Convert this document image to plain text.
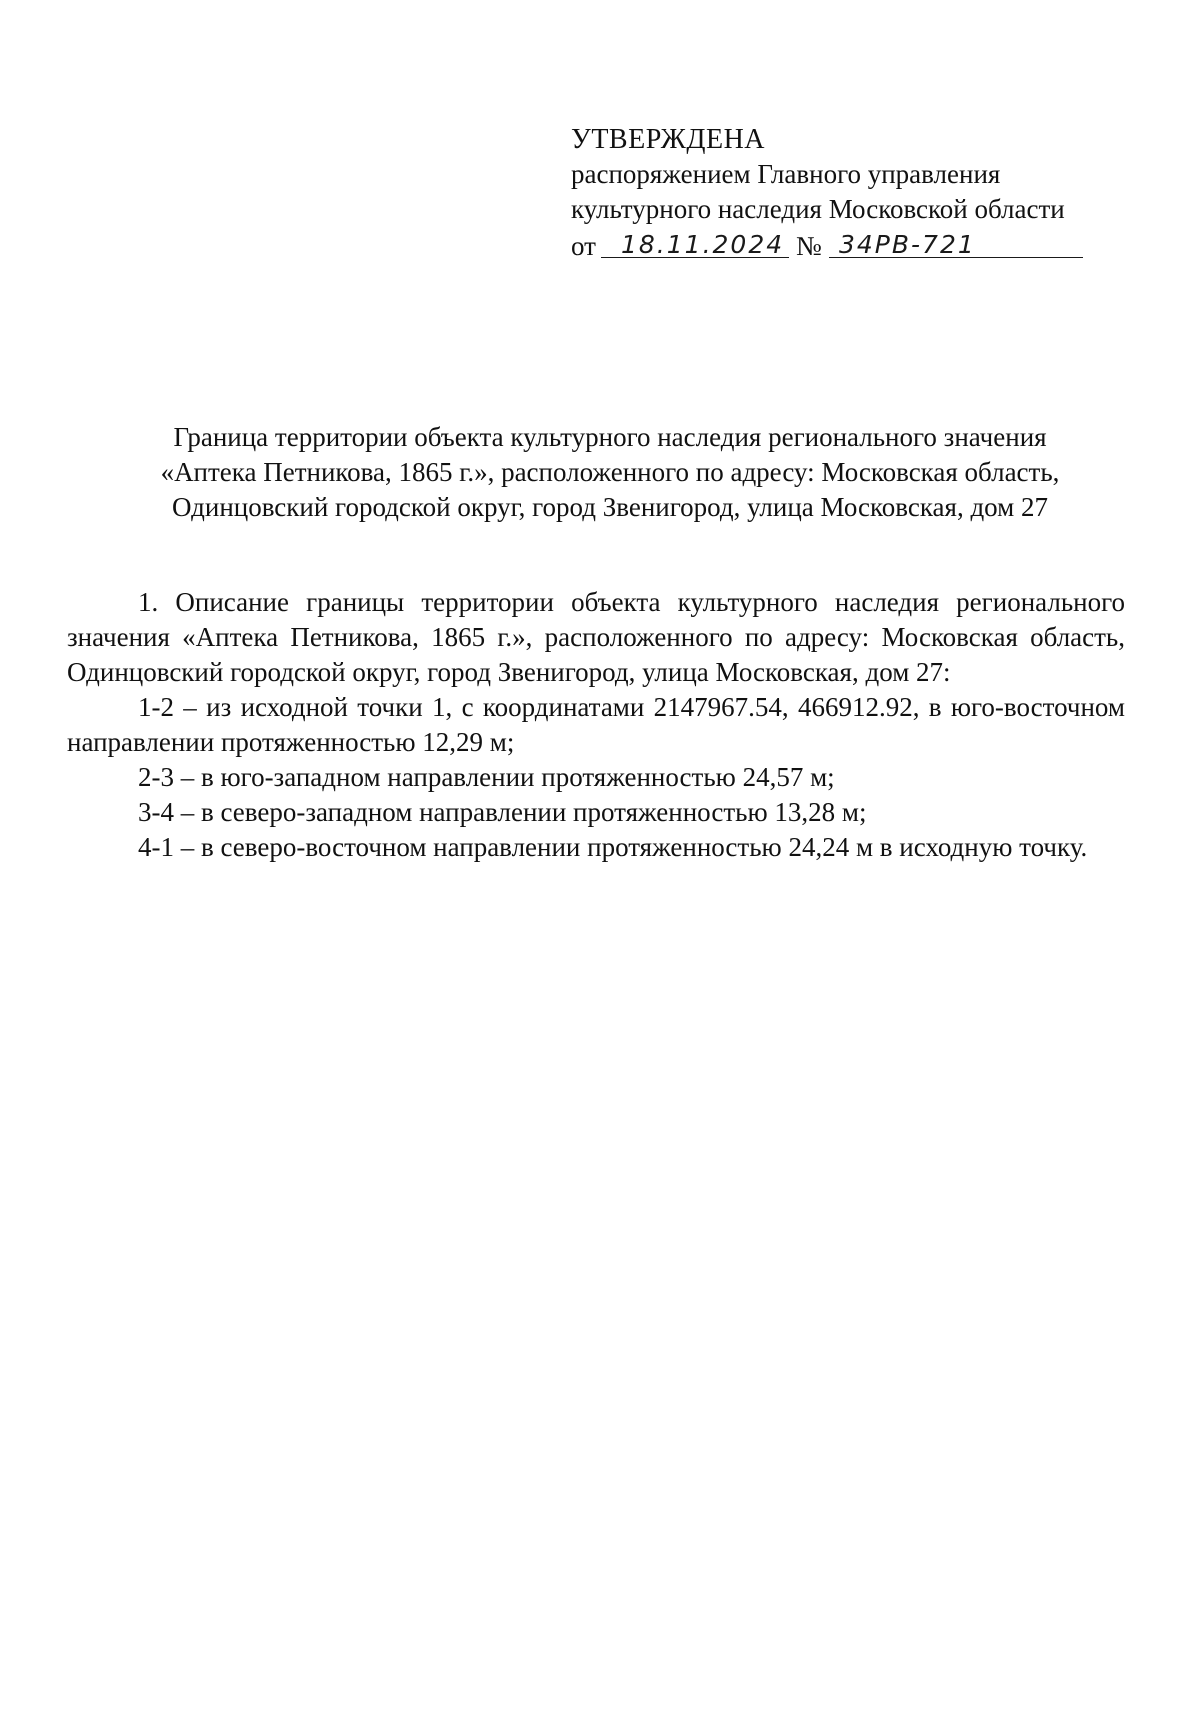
УТВЕРЖДЕНА
распоряжением Главного управления
культурного наследия Московской области
от 18.11.2024 № 34РВ-721
Граница территории объекта культурного наследия регионального значения
«Аптека Петникова, 1865 г.», расположенного по адресу: Московская область,
Одинцовский городской округ, город Звенигород, улица Московская, дом 27
1. Описание границы территории объекта культурного наследия регионального значения «Аптека Петникова, 1865 г.», расположенного по адресу: Московская область, Одинцовский городской округ, город Звенигород, улица Московская, дом 27:
1-2 – из исходной точки 1, с координатами 2147967.54, 466912.92, в юго-восточном направлении протяженностью 12,29 м;
2-3 – в юго-западном направлении протяженностью 24,57 м;
3-4 – в северо-западном направлении протяженностью 13,28 м;
4-1 – в северо-восточном направлении протяженностью 24,24 м в исходную точку.
